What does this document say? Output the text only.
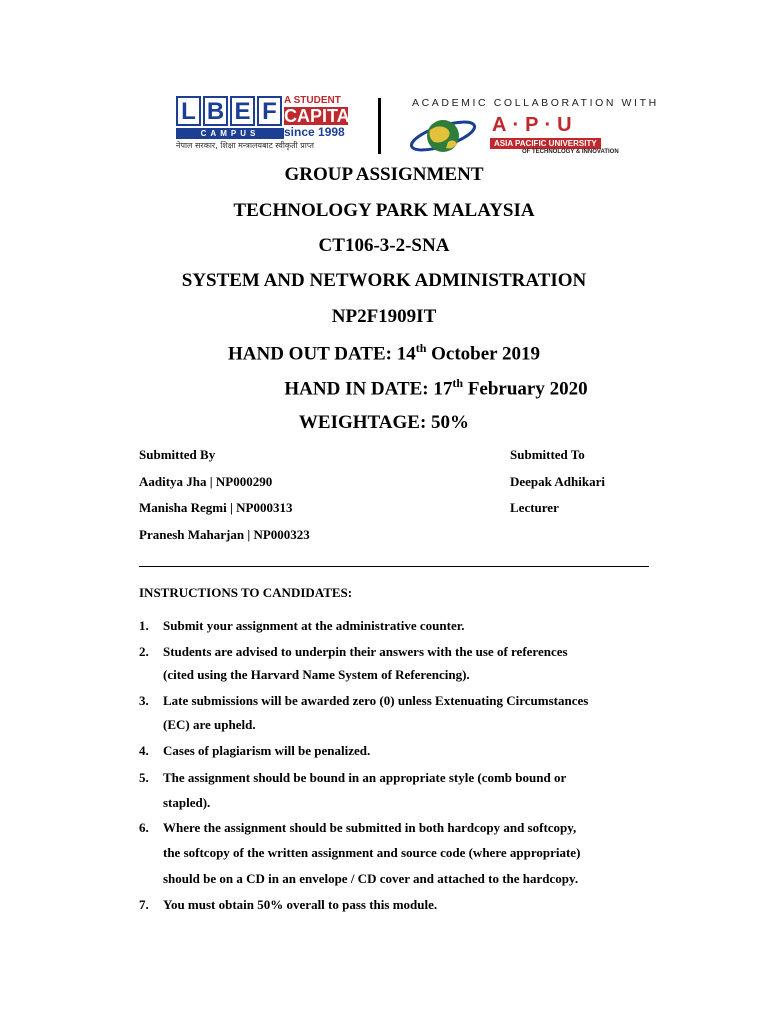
L B E F
CAMPUS
A STUDENT
CAPITAL
since 1998
नेपाल सरकार, शिक्षा मन्त्रालयबाट स्वीकृती प्राप्त
ACADEMIC COLLABORATION WITH
A·P·U
ASIA PACIFIC UNIVERSITY
OF TECHNOLOGY & INNOVATION
GROUP ASSIGNMENT
TECHNOLOGY PARK MALAYSIA
CT106-3-2-SNA
SYSTEM AND NETWORK ADMINISTRATION
NP2F1909IT
HAND OUT DATE: 14th October 2019
HAND IN DATE: 17th February 2020
WEIGHTAGE: 50%
Submitted By
Aaditya Jha | NP000290
Manisha Regmi | NP000313
Pranesh Maharjan | NP000323
Submitted To
Deepak Adhikari
Lecturer
INSTRUCTIONS TO CANDIDATES:
1. Submit your assignment at the administrative counter.
2. Students are advised to underpin their answers with the use of references
(cited using the Harvard Name System of Referencing).
3. Late submissions will be awarded zero (0) unless Extenuating Circumstances
(EC) are upheld.
4. Cases of plagiarism will be penalized.
5. The assignment should be bound in an appropriate style (comb bound or
stapled).
6. Where the assignment should be submitted in both hardcopy and softcopy,
the softcopy of the written assignment and source code (where appropriate)
should be on a CD in an envelope / CD cover and attached to the hardcopy.
7. You must obtain 50% overall to pass this module.
